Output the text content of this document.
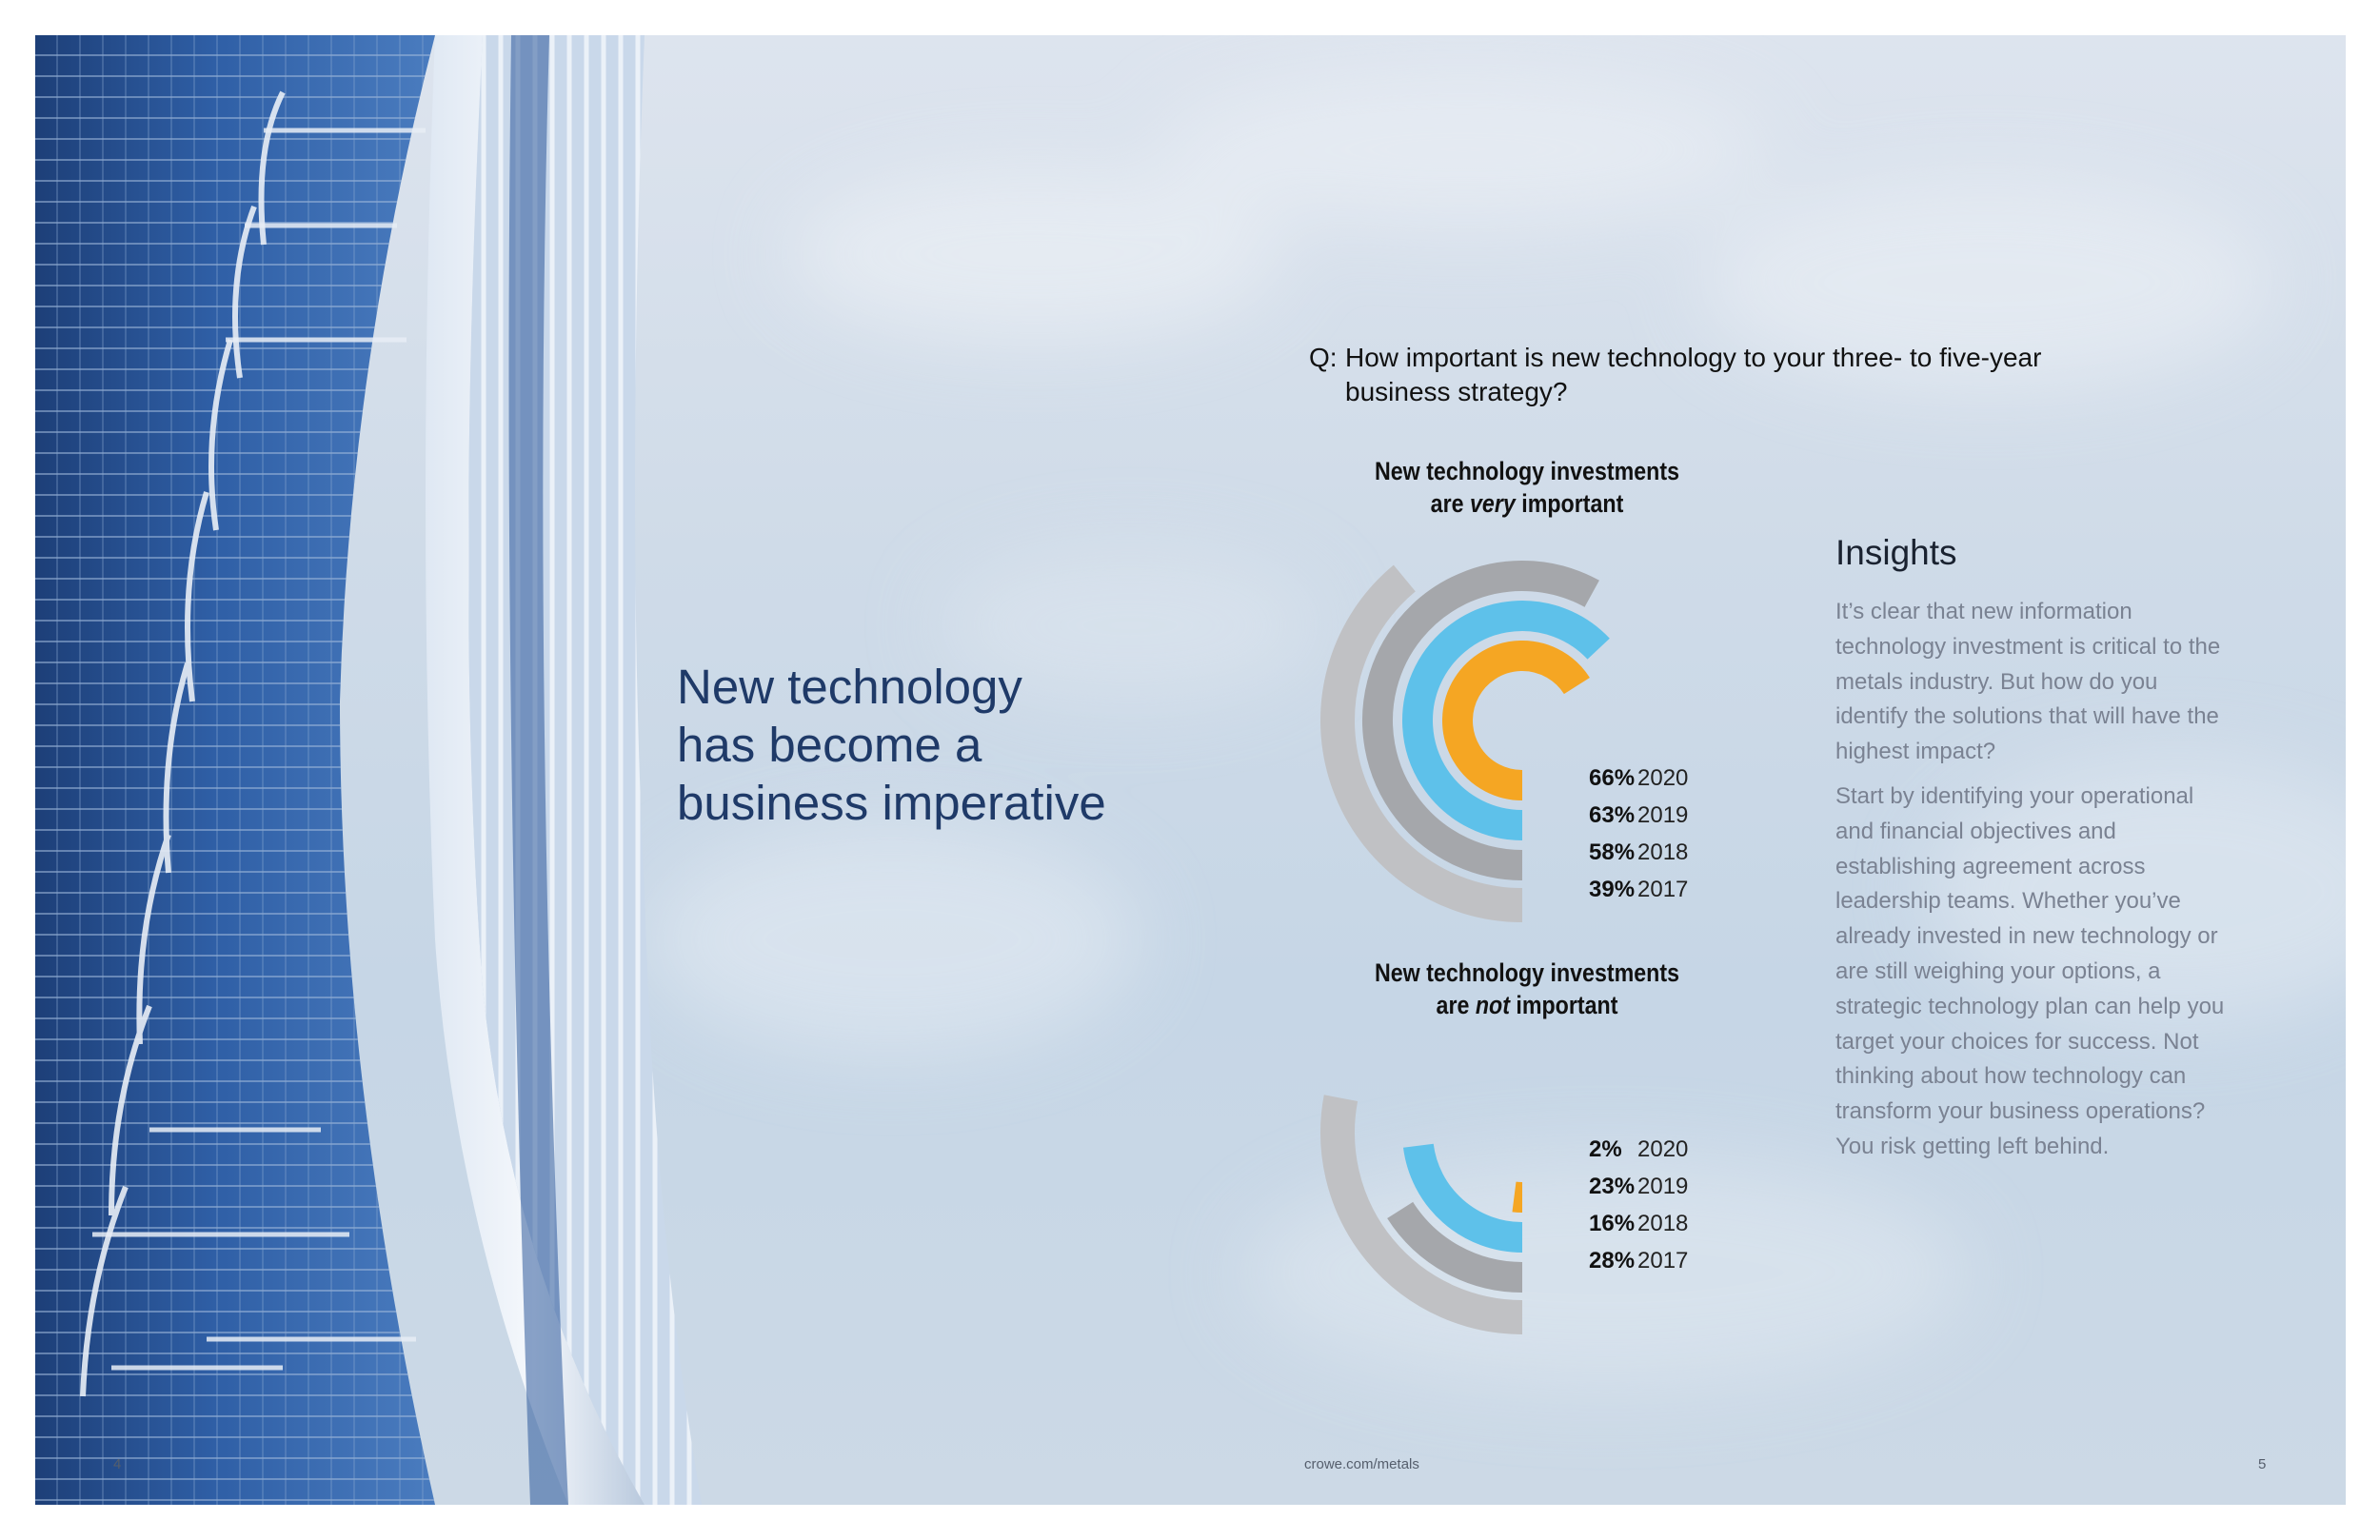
New technology
has become a
business imperative
Q: How important is new technology to your three- to five-year business strategy?
New technology investments
are very important
New technology investments
are not important
66% 2020
63% 2019
58% 2018
39% 2017
2% 2020
23% 2019
16% 2018
28% 2017
Insights

It’s clear that new information technology investment is critical to the metals industry. But how do you identify the solutions that will have the highest impact?

Start by identifying your operational and financial objectives and establishing agreement across leadership teams. Whether you’ve already invested in new technology or are still weighing your options, a strategic technology plan can help you target your choices for success. Not thinking about how technology can transform your business operations? You risk getting left behind.

4	crowe.com/metals	5
